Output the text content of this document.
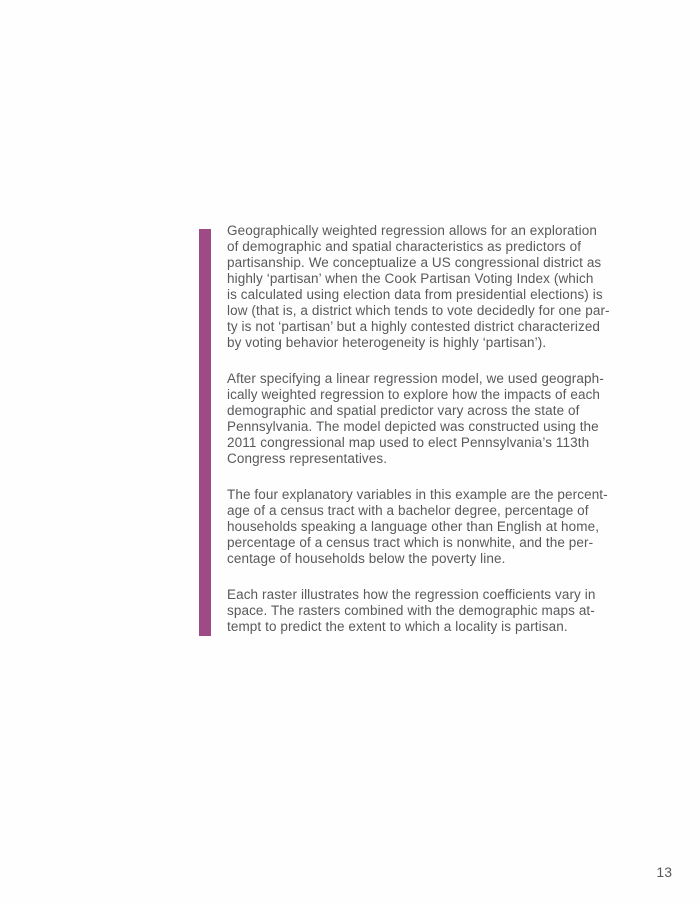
Geographically weighted regression allows for an exploration
of demographic and spatial characteristics as predictors of
partisanship. We conceptualize a US congressional district as
highly ‘partisan’ when the Cook Partisan Voting Index (which
is calculated using election data from presidential elections) is
low (that is, a district which tends to vote decidedly for one par-
ty is not ‘partisan’ but a highly contested district characterized
by voting behavior heterogeneity is highly ‘partisan’).

After specifying a linear regression model, we used geograph-
ically weighted regression to explore how the impacts of each
demographic and spatial predictor vary across the state of
Pennsylvania. The model depicted was constructed using the
2011 congressional map used to elect Pennsylvania’s 113th
Congress representatives.

The four explanatory variables in this example are the percent-
age of a census tract with a bachelor degree, percentage of
households speaking a language other than English at home,
percentage of a census tract which is nonwhite, and the per-
centage of households below the poverty line.

Each raster illustrates how the regression coefficients vary in
space. The rasters combined with the demographic maps at-
tempt to predict the extent to which a locality is partisan.

13
